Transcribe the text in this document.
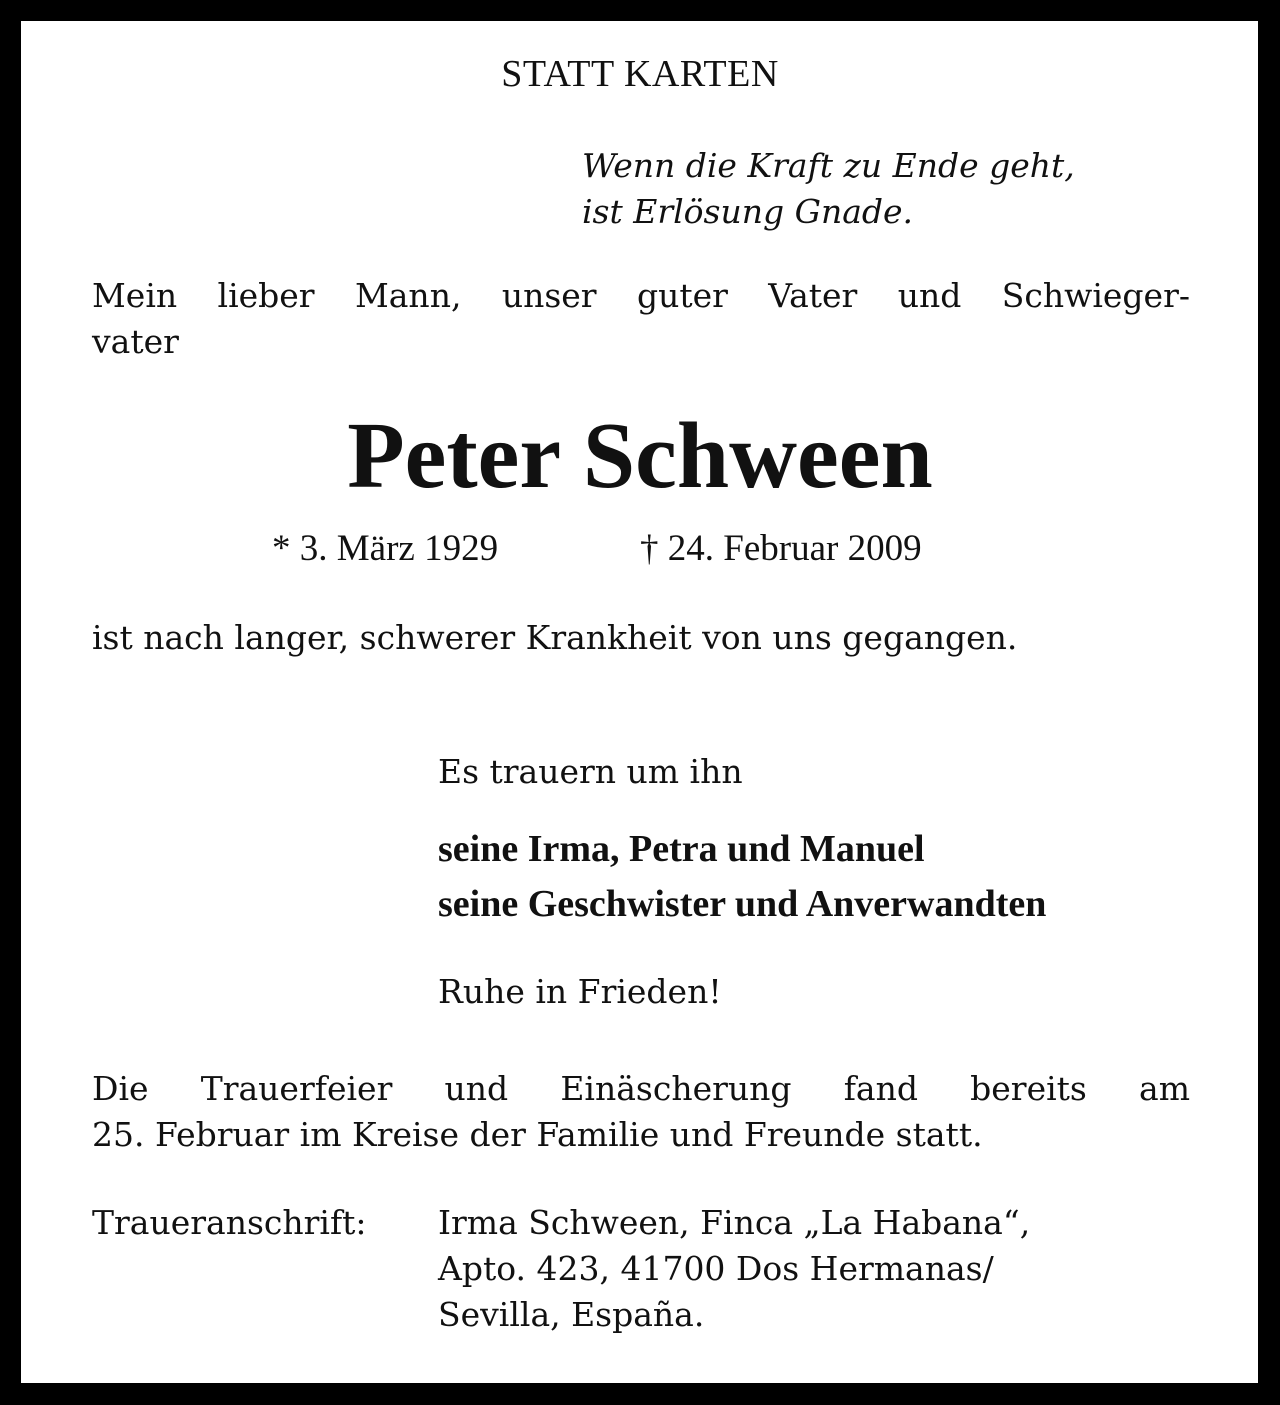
STATT KARTEN

Wenn die Kraft zu Ende geht,

ist Erlösung Gnade.

Mein lieber Mann, unser guter Vater und Schwieger-

vater

Peter Schween

* 3. März 1929	† 24. Februar 2009

ist nach langer, schwerer Krankheit von uns gegangen.

Es trauern um ihn

seine Irma, Petra und Manuel

seine Geschwister und Anverwandten

Ruhe in Frieden!

Die Trauerfeier und Einäscherung fand bereits am

25. Februar im Kreise der Familie und Freunde statt.

Traueranschrift: Irma Schween, Finca „La Habana“,

Apto. 423, 41700 Dos Hermanas/

Sevilla, España.
